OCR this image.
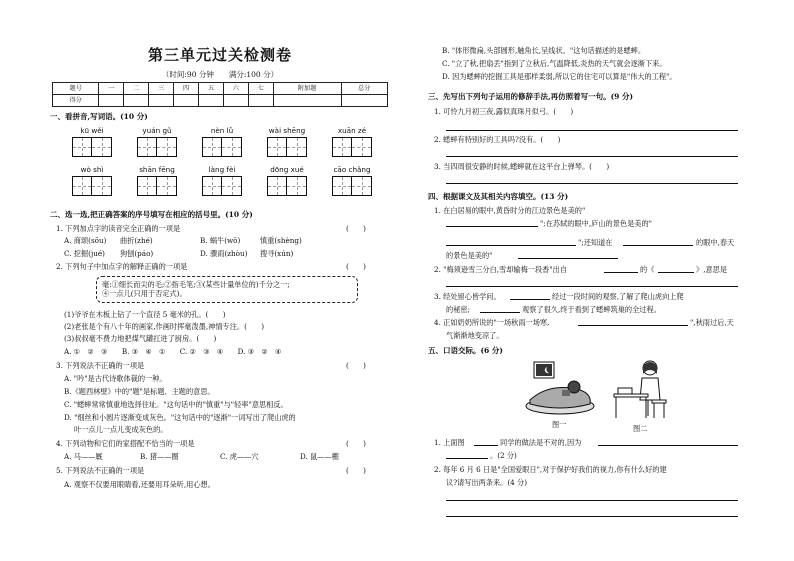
第三单元过关检测卷
（时间:90 分钟　　满分:100 分）
题号	一	二	三	四	五	六	七	附加题	总分
得分									
一、看拼音,写词语。(10 分)
kū wěi	yuán gǔ	nèn lǜ	wài shēng	xuān zé
wò shì	shān fēng	làng fèi	dōng xué	cāo chǎng
二、选一选,把正确答案的序号填写在相应的括号里。(10 分)
1. 下列加点字的读音完全正确的一项是	(　　)
A. 商颂(sōu) 曲折(zhé)	B. 蜗牛(wō)	慎重(shèng)
C. 挖掘(jué) 狗刨(páo)	D. 骤雨(zhòu) 搜寻(xún)
2. 下列句子中加点字的解释正确的一项是	(　　)
毫:①细长而尖的毛;②指毛笔;③(某些计量单位的)千分之一;
④一点儿(只用于否定式)。
(1)爷爷在木板上钻了一个直径 5 毫米的孔。(　　)
(2)老张是个有八十年的画家,作画时挥毫泼墨,神情专注。(　　)
(3)叔叔毫不费力地把煤气罐扛进了厨房。(　　)
A. ①　②　③　　B. ③　④　①　　C. ②　③　④　　D. ③　②　④
3. 下列说法不正确的一项是	(　　)
A. "吟"是古代诗歌体裁的一种。
B.《题西林壁》中的"题"是标题、主题的意思。
C. "蟋蟀常常慎重地选择住址。"这句话中的"慎重"与"轻率"意思相反。
D. "细丝和小圆片逐渐变成灰色。"这句话中的"逐渐"一词写出了爬山虎的
叶一点儿一点儿变成灰色的。
4. 下列动物和它们的家搭配不恰当的一项是	(　　)
A. 马——厩	B. 猪——圈	C. 虎——穴	D. 鼠——棚
5. 下列说法不正确的一项是	(　　)
A. 观察不仅要用眼睛看,还要用耳朵听,用心想。
B. "体形微扁,头部圆形,触角长,呈线状。"这句话描述的是蟋蟀。
C. "立了秋,把扇丢"指到了立秋后,气温降低,炎热的天气就会逐渐下来。
D. 因为蟋蟀的挖掘工具是那样柔弱,所以它的住宅可以算是"伟大的工程"。
三、先写出下列句子运用的修辞手法,再仿照着写一句。(9 分)
1. 可怜九月初三夜,露似真珠月似弓。(　　)
2. 蟋蟀有特别好的工具吗?没有。(　　)
3. 当四周很安静的时候,蟋蟀就在这平台上弹琴。(　　)
四、根据课文及其相关内容填空。(13 分)
1. 在白居易的眼中,黄昏时分的江边景色是美的"
";在苏轼的眼中,庐山的景色是美的"
";还知道在	的眼中,春天
的景色是美的"
2. "梅须逊雪三分白,雪却输梅一段香"出自	的《	》,意思是
3. 经处留心皆学问。	经过一段时间的观察,了解了爬山虎向上爬
的秘密;	观察了很久,终于看到了蟋蟀筑巢的全过程。
4. 正如奶奶所说的"一场秋雨一场寒,	",秋雨过后,天
气渐渐地变凉了。
五、口语交际。(6 分)
图一	图二
1. 上面图	同学的做法是不对的,因为
。(2 分)
2. 每年 6 月 6 日是"全国爱眼日",对于保护好我们的视力,你有什么好的建
议?请写出两条来。(4 分)
